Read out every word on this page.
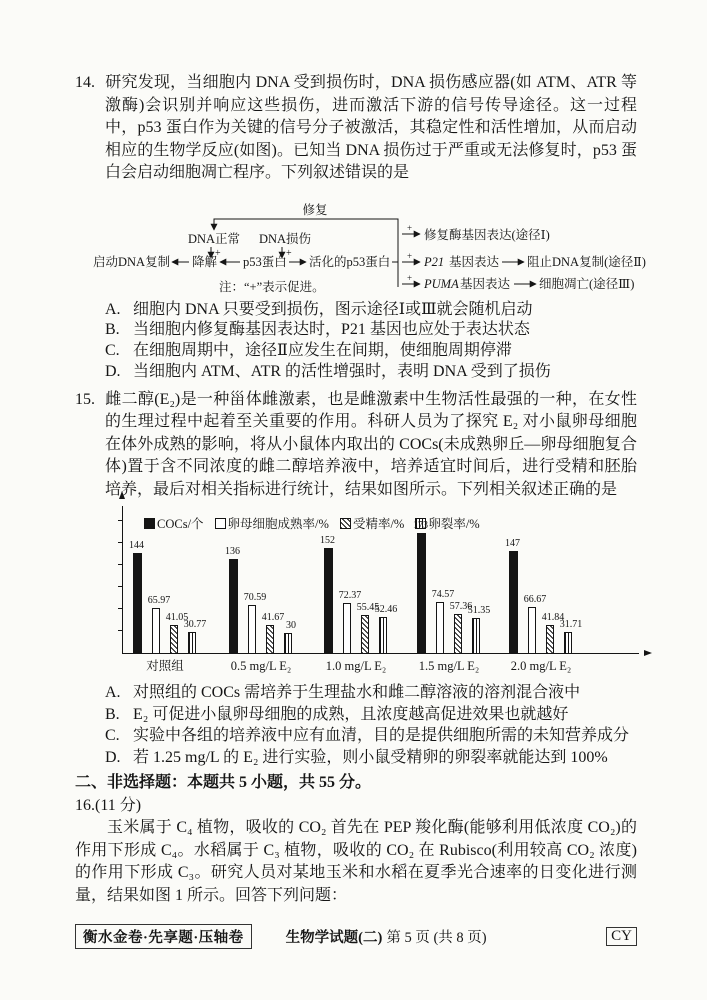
14. 研究发现，当细胞内 DNA 受到损伤时，DNA 损伤感应器(如 ATM、ATR 等激酶)会识别并响应这些损伤，进而激活下游的信号传导途径。这一过程中，p53 蛋白作为关键的信号分子被激活，其稳定性和活性增加，从而启动相应的生物学反应(如图)。已知当 DNA 损伤过于严重或无法修复时，p53 蛋白会启动细胞凋亡程序。下列叙述错误的是

修复
DNA正常 DNA损伤
+	+
启动DNA复制 降解 p53蛋白 活化的p53蛋白
+ 修复酶基因表达(途径Ⅰ)
+ P21 基因表达 阻止DNA复制(途径Ⅱ)
+ PUMA 基因表达 细胞凋亡(途径Ⅲ)
注：“+”表示促进。
A. 细胞内 DNA 只要受到损伤，图示途径Ⅰ或Ⅲ就会随机启动
B. 当细胞内修复酶基因表达时，P21 基因也应处于表达状态
C. 在细胞周期中，途径Ⅱ应发生在间期，使细胞周期停滞
D. 当细胞内 ATM、ATR 的活性增强时，表明 DNA 受到了损伤

15. 雌二醇(E₂)是一种甾体雌激素，也是雌激素中生物活性最强的一种，在女性的生理过程中起着至关重要的作用。科研人员为了探究 E₂ 对小鼠卵母细胞在体外成熟的影响，将从小鼠体内取出的 COCs(未成熟卵丘—卵母细胞复合体)置于含不同浓度的雌二醇培养液中，培养适宜时间后，进行受精和胚胎培养，最后对相关指标进行统计，结果如图所示。下列相关叙述正确的是

COCs/个 卵母细胞成熟率/% 受精率/% 卵裂率/%
144
65.97
41.05
30.77
对照组
136
70.59
41.67
30
0.5 mg/L E₂
152
72.37
55.45
52.46
1.0 mg/L E₂
173
74.57
57.36
51.35
1.5 mg/L E₂
147
66.67
41.84
31.71
2.0 mg/L E₂
A. 对照组的 COCs 需培养于生理盐水和雌二醇溶液的溶剂混合液中
B. E₂ 可促进小鼠卵母细胞的成熟，且浓度越高促进效果也就越好
C. 实验中各组的培养液中应有血清，目的是提供细胞所需的未知营养成分
D. 若 1.25 mg/L 的 E₂ 进行实验，则小鼠受精卵的卵裂率就能达到 100%
二、非选择题：本题共 5 小题，共 55 分。
16.(11 分)

玉米属于 C₄ 植物，吸收的 CO₂ 首先在 PEP 羧化酶(能够利用低浓度 CO₂)的作用下形成 C₄。水稻属于 C₃ 植物，吸收的 CO₂ 在 Rubisco(利用较高 CO₂ 浓度)的作用下形成 C₃。研究人员对某地玉米和水稻在夏季光合速率的日变化进行测量，结果如图 1 所示。回答下列问题：

衡水金卷·先享题·压轴卷	生物学试题(二) 第 5 页 (共 8 页)	CY
